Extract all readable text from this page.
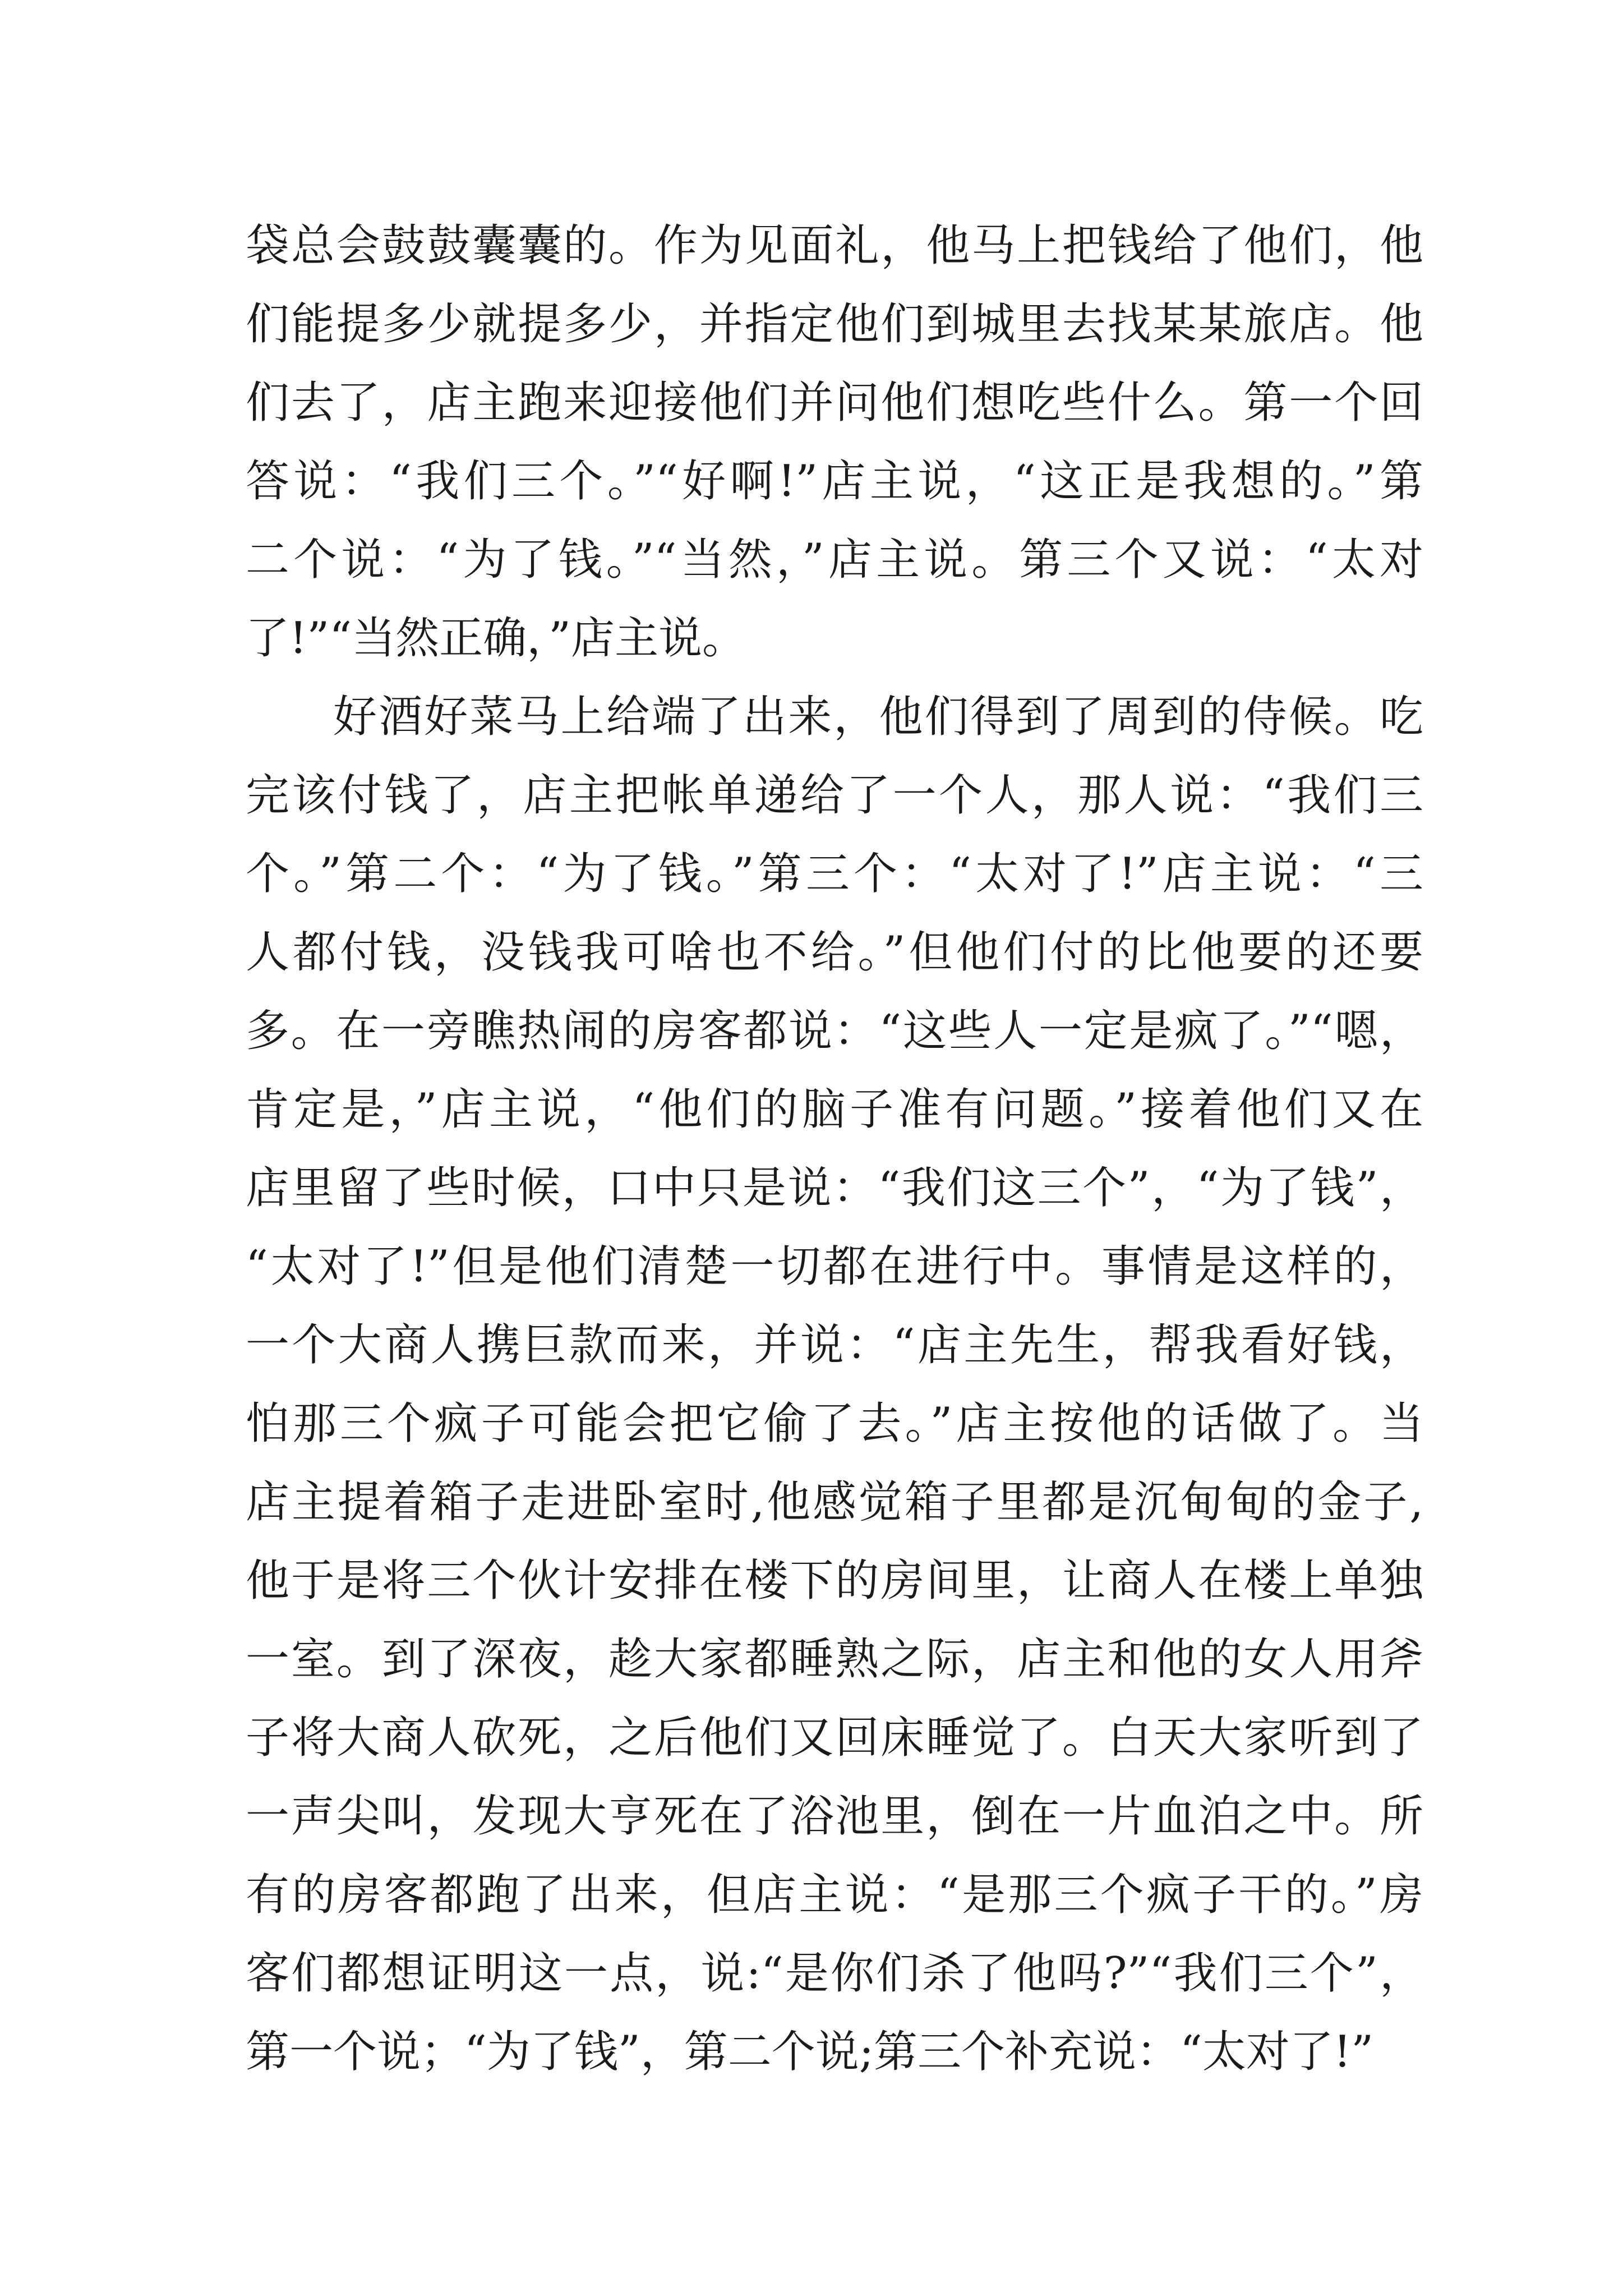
袋总会鼓鼓囊囊的。作为见面礼，他马上把钱给了他们，他
们能提多少就提多少，并指定他们到城里去找某某旅店。他
们去了，店主跑来迎接他们并问他们想吃些什么。第一个回
答说：“我们三个。”“好啊!”店主说，“这正是我想的。”第
二个说：“为了钱。”“当然，”店主说。第三个又说：“太对
了!”“当然正确，”店主说。
好酒好菜马上给端了出来，他们得到了周到的侍候。吃
完该付钱了，店主把帐单递给了一个人，那人说：“我们三
个。”第二个：“为了钱。”第三个：“太对了!”店主说：“三
人都付钱，没钱我可啥也不给。”但他们付的比他要的还要
多。在一旁瞧热闹的房客都说：“这些人一定是疯了。”“嗯，
肯定是，”店主说，“他们的脑子准有问题。”接着他们又在
店里留了些时候，口中只是说：“我们这三个”，“为了钱”，
“太对了!”但是他们清楚一切都在进行中。事情是这样的，
一个大商人携巨款而来，并说：“店主先生，帮我看好钱，
怕那三个疯子可能会把它偷了去。”店主按他的话做了。当
店主提着箱子走进卧室时,他感觉箱子里都是沉甸甸的金子,
他于是将三个伙计安排在楼下的房间里，让商人在楼上单独
一室。到了深夜，趁大家都睡熟之际，店主和他的女人用斧
子将大商人砍死，之后他们又回床睡觉了。白天大家听到了
一声尖叫，发现大亨死在了浴池里，倒在一片血泊之中。所
有的房客都跑了出来，但店主说：“是那三个疯子干的。”房
客们都想证明这一点，说:“是你们杀了他吗?”“我们三个”，
第一个说；“为了钱”，第二个说;第三个补充说：“太对了!”
